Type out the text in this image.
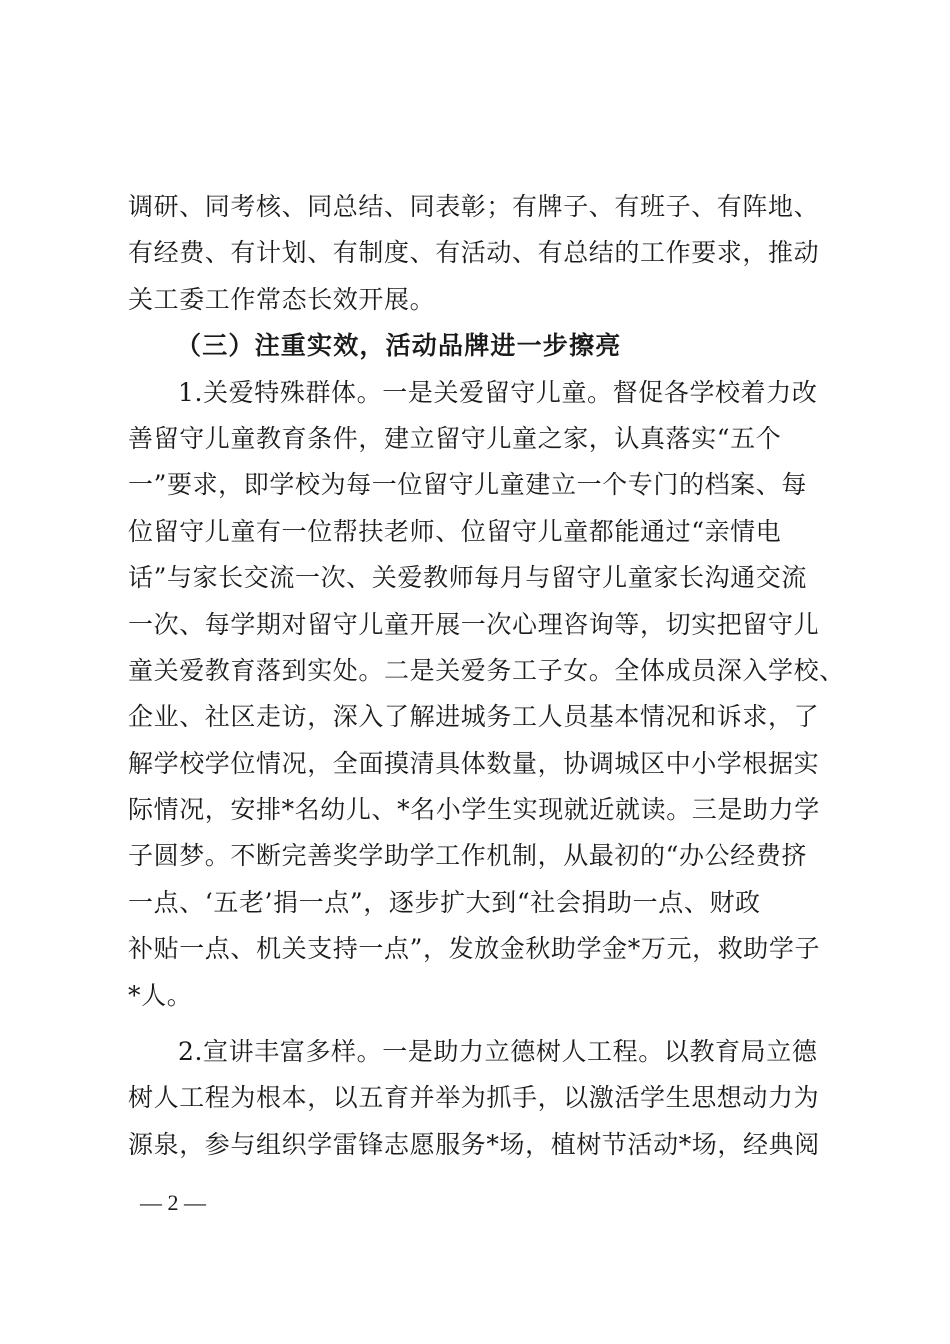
调研、同考核、同总结、同表彰；有牌子、有班子、有阵地、
有经费、有计划、有制度、有活动、有总结的工作要求，推动
关工委工作常态长效开展。
（三）注重实效，活动品牌进一步擦亮
1.关爱特殊群体。一是关爱留守儿童。督促各学校着力改
善留守儿童教育条件，建立留守儿童之家，认真落实“五个
一”要求，即学校为每一位留守儿童建立一个专门的档案、每
位留守儿童有一位帮扶老师、位留守儿童都能通过“亲情电
话”与家长交流一次、关爱教师每月与留守儿童家长沟通交流
一次、每学期对留守儿童开展一次心理咨询等，切实把留守儿
童关爱教育落到实处。二是关爱务工子女。全体成员深入学校、
企业、社区走访，深入了解进城务工人员基本情况和诉求，了
解学校学位情况，全面摸清具体数量，协调城区中小学根据实
际情况，安排*名幼儿、*名小学生实现就近就读。三是助力学
子圆梦。不断完善奖学助学工作机制，从最初的“办公经费挤
一点、‘五老’捐一点”，逐步扩大到“社会捐助一点、财政
补贴一点、机关支持一点”，发放金秋助学金*万元，救助学子
*人。
2.宣讲丰富多样。一是助力立德树人工程。以教育局立德
树人工程为根本，以五育并举为抓手，以激活学生思想动力为
源泉，参与组织学雷锋志愿服务*场，植树节活动*场，经典阅
— 2 —
